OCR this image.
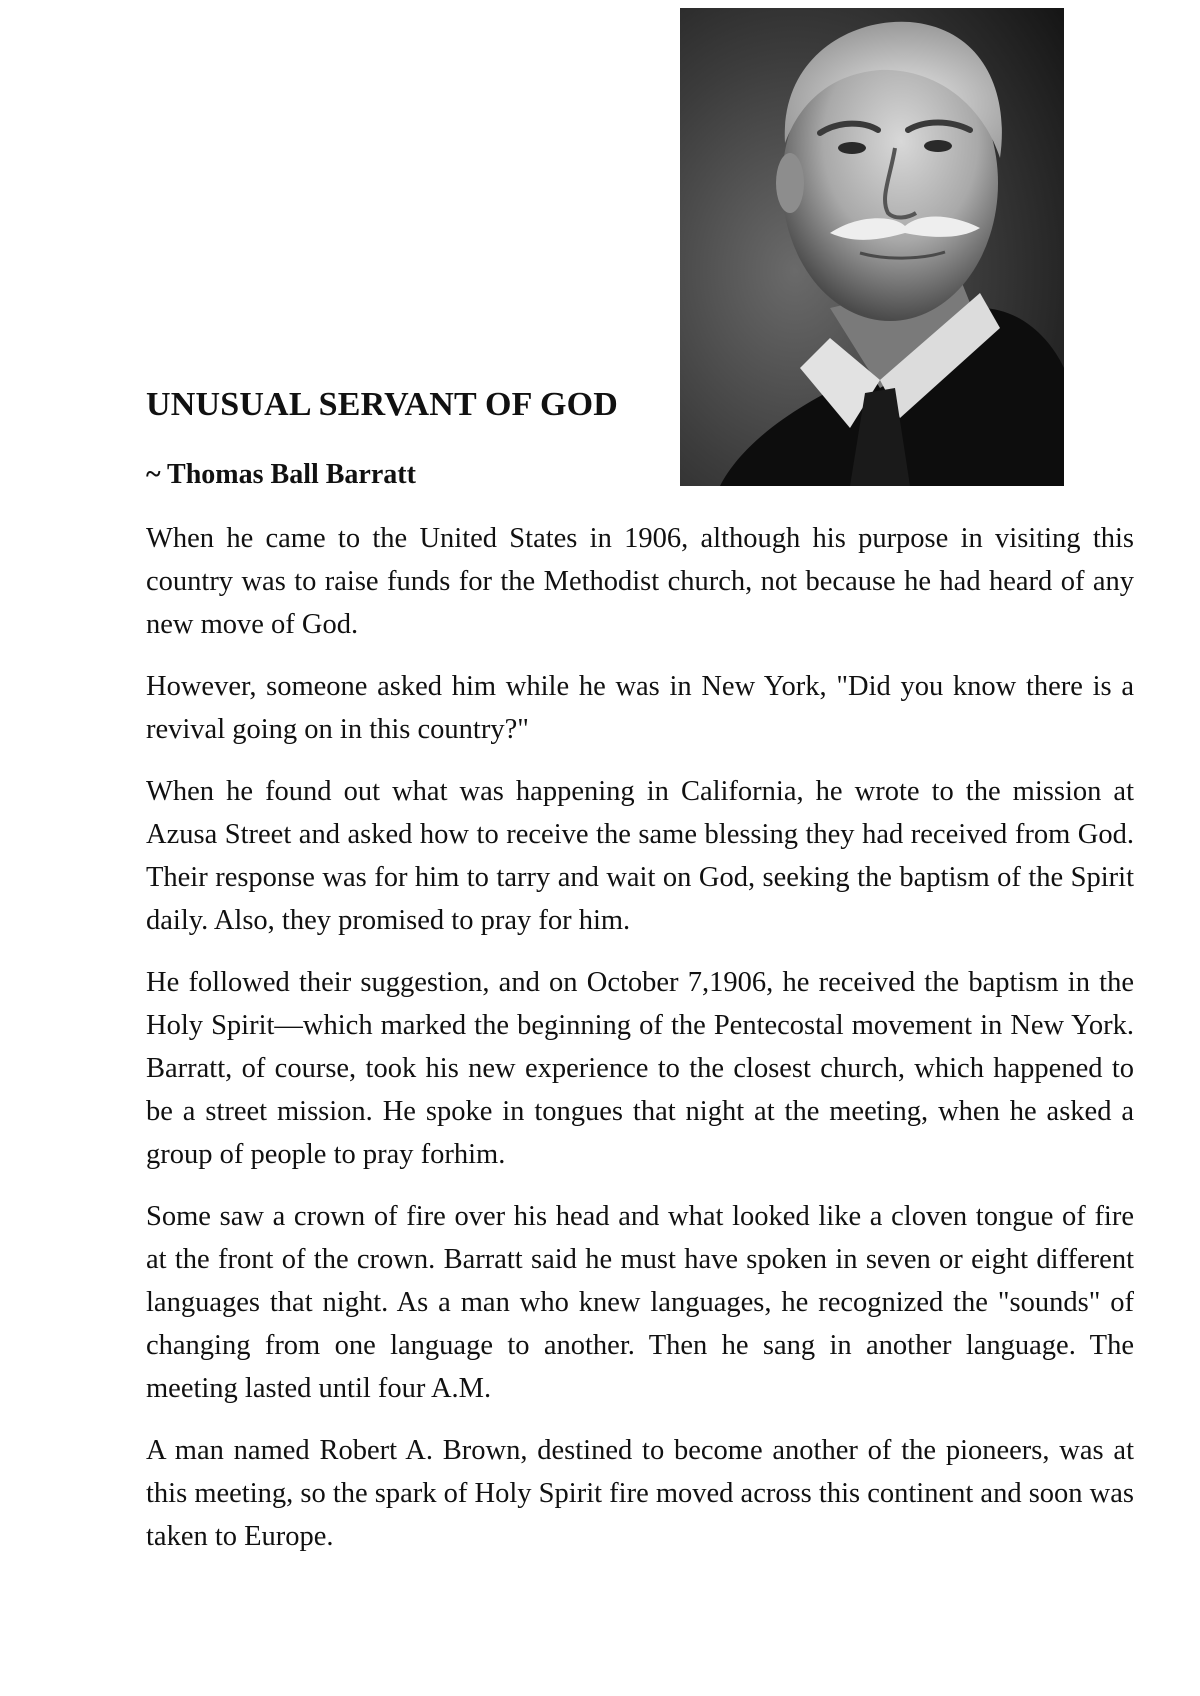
UNUSUAL SERVANT OF GOD
~ Thomas Ball Barratt

When he came to the United States in 1906, although his purpose in visiting this country was to raise funds for the Methodist church, not because he had heard of any new move of God.

However, someone asked him while he was in New York, "Did you know there is a revival going on in this country?"

When he found out what was happening in California, he wrote to the mission at Azusa Street and asked how to receive the same blessing they had received from God. Their response was for him to tarry and wait on God, seeking the baptism of the Spirit daily. Also, they promised to pray for him.

He followed their suggestion, and on October 7,1906, he received the baptism in the Holy Spirit—which marked the beginning of the Pentecostal movement in New York. Barratt, of course, took his new experience to the closest church, which happened to be a street mission. He spoke in tongues that night at the meeting, when he asked a group of people to pray forhim.

Some saw a crown of fire over his head and what looked like a cloven tongue of fire at the front of the crown. Barratt said he must have spoken in seven or eight different languages that night. As a man who knew languages, he recognized the "sounds" of changing from one language to another. Then he sang in another language. The meeting lasted until four A.M.

A man named Robert A. Brown, destined to become another of the pioneers, was at this meeting, so the spark of Holy Spirit fire moved across this continent and soon was taken to Europe.
